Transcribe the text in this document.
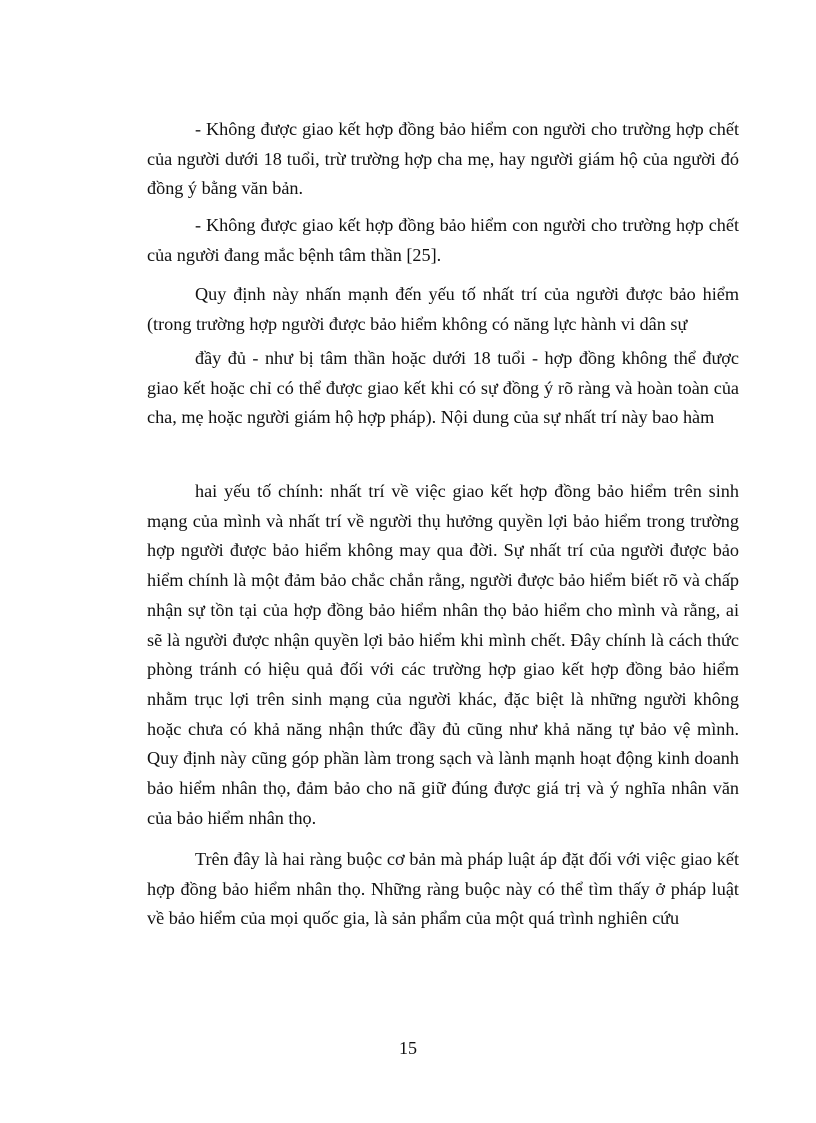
- Không được giao kết hợp đồng bảo hiểm con người cho trường hợp chết của người dưới 18 tuổi, trừ trường hợp cha mẹ, hay người giám hộ của người đó đồng ý bằng văn bản.

- Không được giao kết hợp đồng bảo hiểm con người cho trường hợp chết của người đang mắc bệnh tâm thần [25].

Quy định này nhấn mạnh đến yếu tố nhất trí của người được bảo hiểm (trong trường hợp người được bảo hiểm không có năng lực hành vi dân sự

đầy đủ - như bị tâm thần hoặc dưới 18 tuổi - hợp đồng không thể được giao kết hoặc chỉ có thể được giao kết khi có sự đồng ý rõ ràng và hoàn toàn của cha, mẹ hoặc người giám hộ hợp pháp). Nội dung của sự nhất trí này bao hàm

hai yếu tố chính: nhất trí về việc giao kết hợp đồng bảo hiểm trên sinh mạng của mình và nhất trí về người thụ hưởng quyền lợi bảo hiểm trong trường hợp người được bảo hiểm không may qua đời. Sự nhất trí của người được bảo hiểm chính là một đảm bảo chắc chắn rằng, người được bảo hiểm biết rõ và chấp nhận sự tồn tại của hợp đồng bảo hiểm nhân thọ bảo hiểm cho mình và rằng, ai sẽ là người được nhận quyền lợi bảo hiểm khi mình chết. Đây chính là cách thức phòng tránh có hiệu quả đối với các trường hợp giao kết hợp đồng bảo hiểm nhằm trục lợi trên sinh mạng của người khác, đặc biệt là những người không hoặc chưa có khả năng nhận thức đầy đủ cũng như khả năng tự bảo vệ mình. Quy định này cũng góp phần làm trong sạch và lành mạnh hoạt động kinh doanh bảo hiểm nhân thọ, đảm bảo cho nã giữ đúng được giá trị và ý nghĩa nhân văn của bảo hiểm nhân thọ.

Trên đây là hai ràng buộc cơ bản mà pháp luật áp đặt đối với việc giao kết hợp đồng bảo hiểm nhân thọ. Những ràng buộc này có thể tìm thấy ở pháp luật về bảo hiểm của mọi quốc gia, là sản phẩm của một quá trình nghiên cứu

15
